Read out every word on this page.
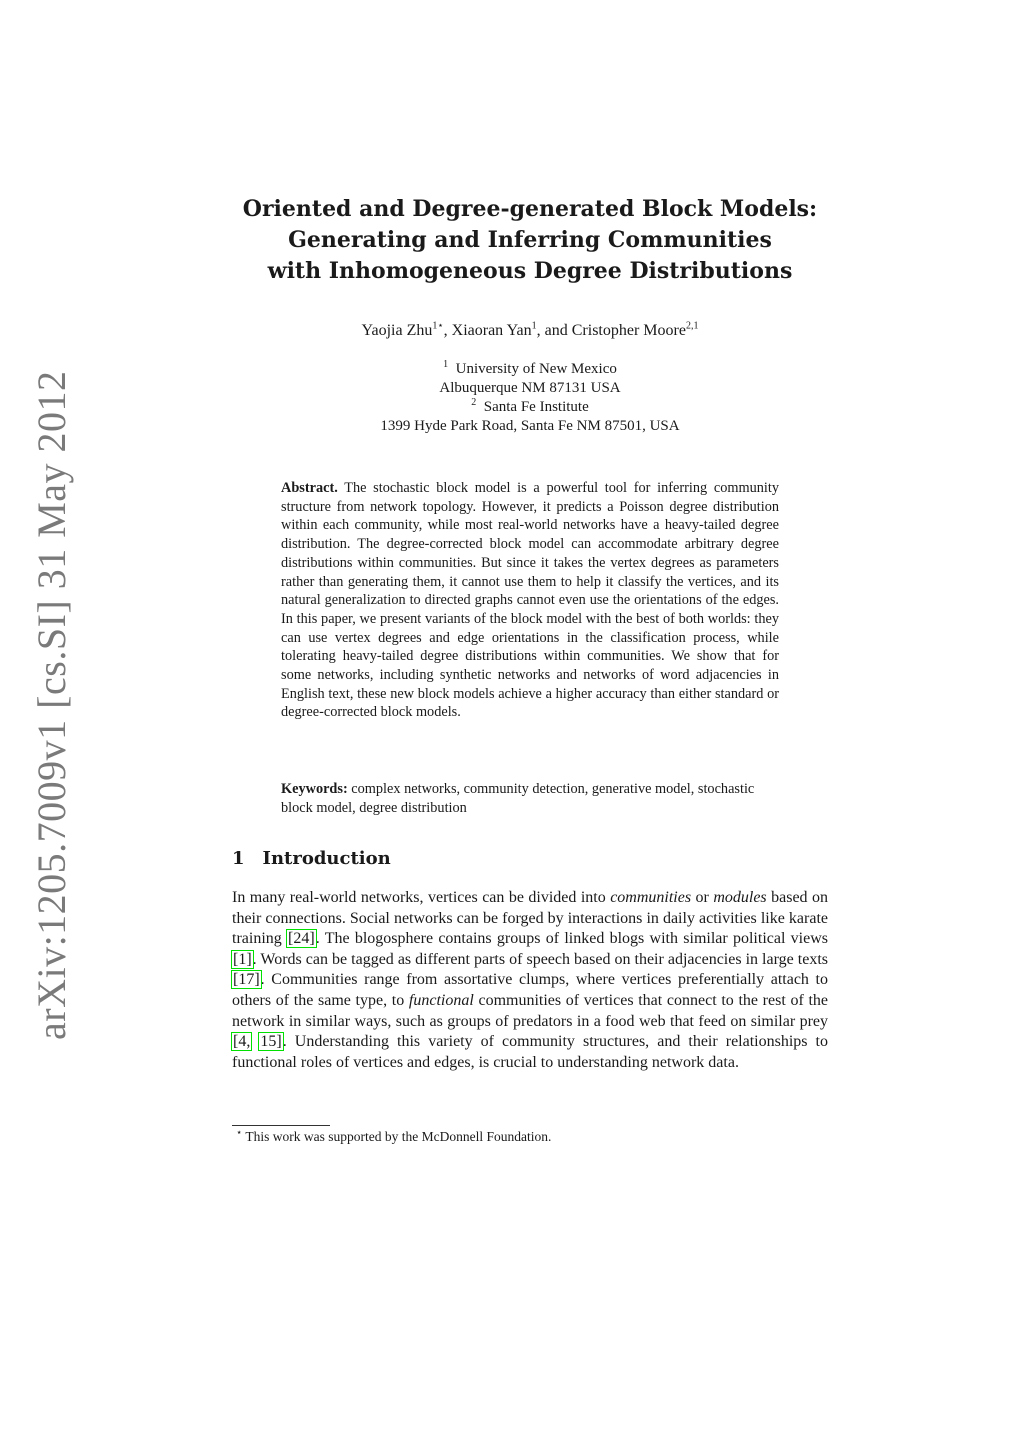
arXiv:1205.7009v1 [cs.SI] 31 May 2012
Oriented and Degree-generated Block Models:
Generating and Inferring Communities
with Inhomogeneous Degree Distributions
Yaojia Zhu$^{1⋆}$, Xiaoran Yan$^1$, and Cristopher Moore$^{2,1}$
$^1$ University of New Mexico
Albuquerque NM 87131 USA
$^2$ Santa Fe Institute
1399 Hyde Park Road, Santa Fe NM 87501, USA

Abstract. The stochastic block model is a powerful tool for inferring community structure from network topology. However, it predicts a Poisson degree distribution within each community, while most real-world networks have a heavy-tailed degree distribution. The degree-corrected block model can accommodate arbitrary degree distributions within communities. But since it takes the vertex degrees as parameters rather than generating them, it cannot use them to help it classify the vertices, and its natural generalization to directed graphs cannot even use the orientations of the edges. In this paper, we present variants of the block model with the best of both worlds: they can use vertex degrees and edge orientations in the classification process, while tolerating heavy-tailed degree distributions within communities. We show that for some networks, including synthetic networks and networks of word adjacencies in English text, these new block models achieve a higher accuracy than either standard or degree-corrected block models.

Keywords: complex networks, community detection, generative model, stochastic block model, degree distribution

1 Introduction

In many real-world networks, vertices can be divided into communities or modules based on their connections. Social networks can be forged by interactions in daily activities like karate training [24]. The blogosphere contains groups of linked blogs with similar political views [1]. Words can be tagged as different parts of speech based on their adjacencies in large texts [17]. Communities range from assortative clumps, where vertices preferentially attach to others of the same type, to functional communities of vertices that connect to the rest of the network in similar ways, such as groups of predators in a food web that feed on similar prey [4, 15]. Understanding this variety of community structures, and their relationships to functional roles of vertices and edges, is crucial to understanding network data.

⋆ This work was supported by the McDonnell Foundation.
